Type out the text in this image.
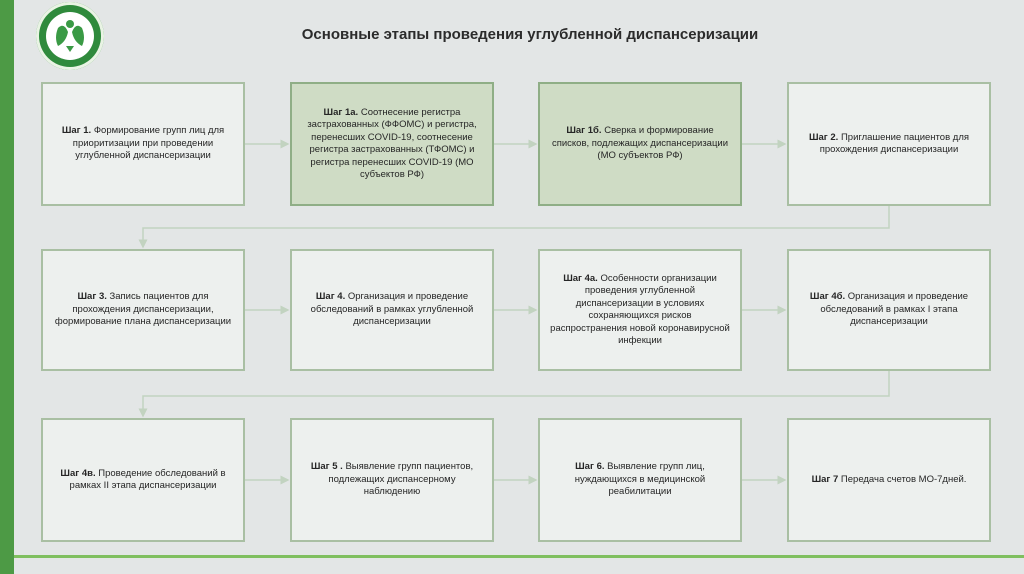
Основные этапы проведения углубленной диспансеризации
Шаг 1. Формирование групп лиц для приоритизации при проведении углубленной диспансеризации
Шаг 1а. Соотнесение регистра застрахованных (ФФОМС) и регистра, перенесших COVID-19, соотнесение регистра застрахованных (ТФОМС) и регистра перенесших COVID-19 (МО субъектов РФ)
Шаг 1б. Сверка и формирование списков, подлежащих диспансеризации (МО субъектов РФ)
Шаг 2. Приглашение пациентов для прохождения диспансеризации
Шаг 3. Запись пациентов для прохождения диспансеризации, формирование плана диспансеризации
Шаг 4. Организация и проведение обследований в рамках углубленной диспансеризации
Шаг 4а. Особенности организации проведения углубленной диспансеризации в условиях сохраняющихся рисков распространения новой коронавирусной инфекции
Шаг 4б. Организация и проведение обследований в рамках I этапа диспансеризации
Шаг 4в. Проведение обследований в рамках II этапа диспансеризации
Шаг 5 . Выявление групп пациентов, подлежащих диспансерному наблюдению
Шаг 6. Выявление групп лиц, нуждающихся в медицинской реабилитации
Шаг 7 Передача счетов МО-7дней.
